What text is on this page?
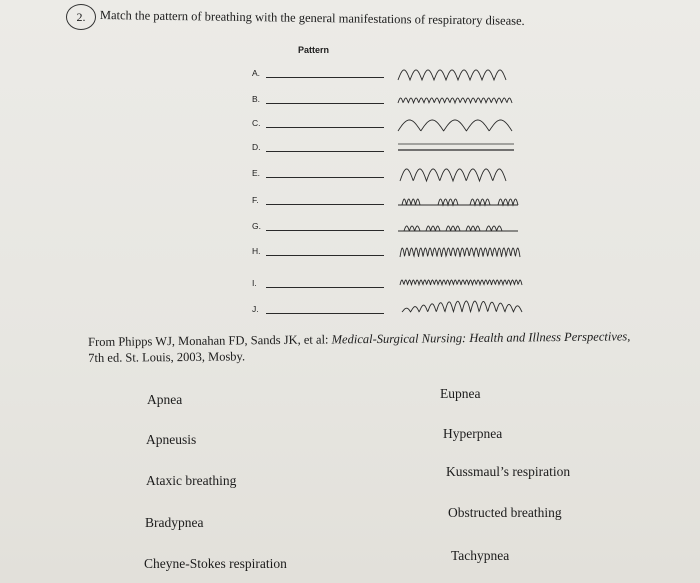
2.	Match the pattern of breathing with the general manifestations of respiratory disease.
Pattern
A.
B.
C.
D.
E.
F.
G.
H.
I.
J.
From Phipps WJ, Monahan FD, Sands JK, et al: Medical-Surgical Nursing: Health and Illness Perspectives,
7th ed. St. Louis, 2003, Mosby.
Apnea
Apneusis
Ataxic breathing
Bradypnea
Cheyne-Stokes respiration
Eupnea
Hyperpnea
Kussmaul’s respiration
Obstructed breathing
Tachypnea
